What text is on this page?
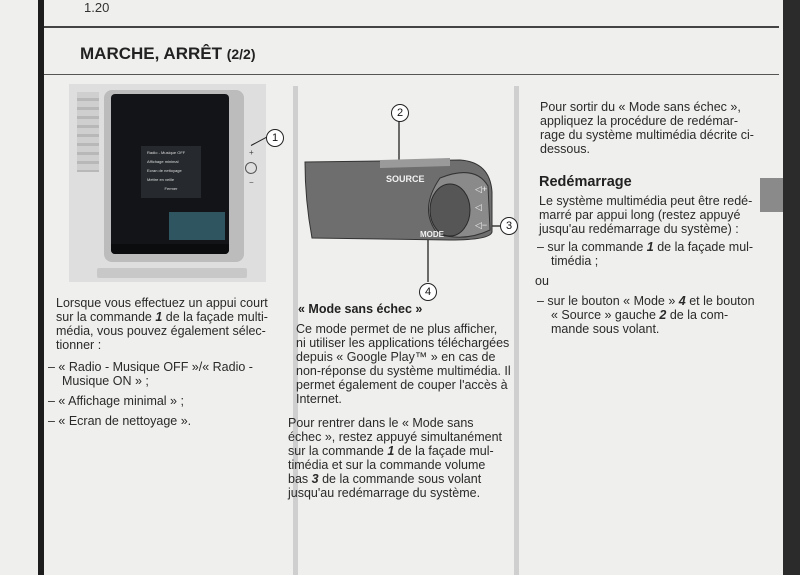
1.20
MARCHE, ARRÊT (2/2)
Radio - Musique OFF
Affichage minimal
Ecran de nettoyage
Mettre en veille
Fermer
+
−
1
SOURCE
MODE
◁+
◁
◁−
2
3
4
Lorsque vous effectuez un appui court
sur la commande 1 de la façade multi-
média, vous pouvez également sélec-
tionner :
– « Radio - Musique OFF »/« Radio -
Musique ON » ;
– « Affichage minimal » ;
– « Ecran de nettoyage ».
« Mode sans échec »
Ce mode permet de ne plus afficher,
ni utiliser les applications téléchargées
depuis « Google Play™ » en cas de
non-réponse du système multimédia. Il
permet également de couper l'accès à
Internet.
Pour rentrer dans le « Mode sans
échec », restez appuyé simultanément
sur la commande 1 de la façade mul-
timédia et sur la commande volume
bas 3 de la commande sous volant
jusqu'au redémarrage du système.
Pour sortir du « Mode sans échec »,
appliquez la procédure de redémar-
rage du système multimédia décrite ci-
dessous.
Redémarrage
Le système multimédia peut être redé-
marré par appui long (restez appuyé
jusqu'au redémarrage du système) :
– sur la commande 1 de la façade mul-
timédia ;
ou
– sur le bouton « Mode » 4 et le bouton
« Source » gauche 2 de la com-
mande sous volant.
